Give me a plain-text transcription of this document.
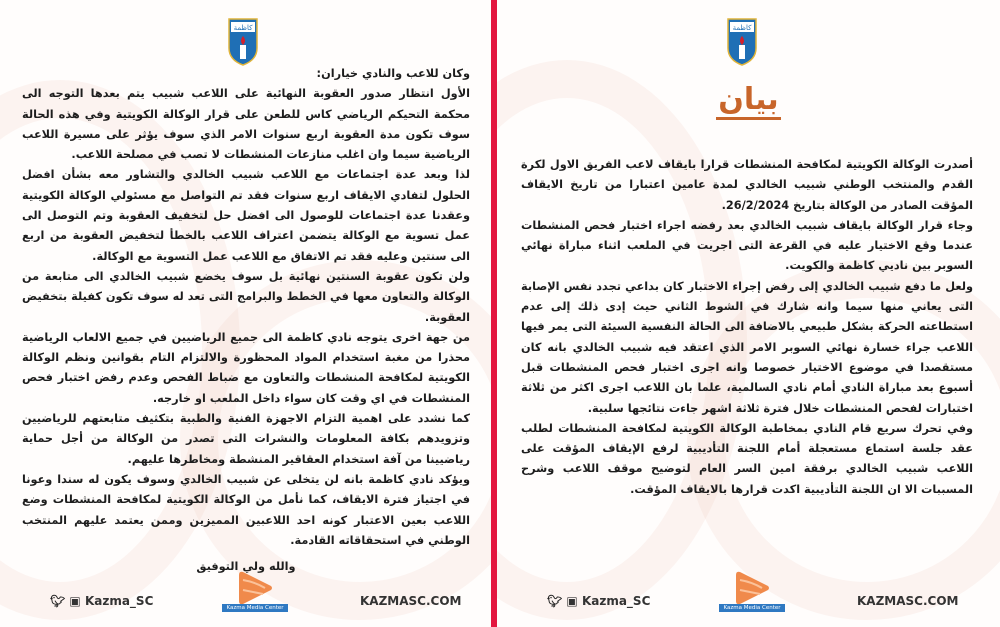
وكان للاعب والنادي خياران:

الأول انتظار صدور العقوبة النهائية على اللاعب شبيب يتم بعدها التوجه الى محكمة التحيكم الرياضي كاس للطعن على قرار الوكالة الكويتية وفي هذه الحالة سوف تكون مدة العقوبة اربع سنوات الامر الذي سوف يؤثر على مسيرة اللاعب الرياضية سيما وان اغلب منازعات المنشطات لا تصب في مصلحة اللاعب.

لذا وبعد عدة اجتماعات مع اللاعب شبيب الخالدي والتشاور معه بشأن افضل الحلول لتفادي الايقاف اربع سنوات فقد تم التواصل مع مسئولي الوكالة الكويتية وعقدنا عدة اجتماعات للوصول الى افضل حل لتخفيف العقوبة وتم التوصل الى عمل تسوية مع الوكالة يتضمن اعتراف اللاعب بالخطأ لتخفيض العقوبة من اربع الى سنتين وعليه فقد تم الاتفاق مع اللاعب عمل التسوية مع الوكالة.

ولن تكون عقوبة السنتين نهائية بل سوف يخضع شبيب الخالدي الى متابعة من الوكالة والتعاون معها في الخطط والبرامج التى تعد له سوف تكون كفيلة بتخفيض العقوبة.

من جهة اخرى يتوجه نادي كاظمة الى جميع الرياضيين في جميع الالعاب الرياضية محذرا من مغبة استخدام المواد المحظورة والالتزام التام بقوانين ونظم الوكالة الكويتية لمكافحة المنشطات والتعاون مع ضباط الفحص وعدم رفض اختبار فحص المنشطات في اي وقت كان سواء داخل الملعب او خارجه.

كما نشدد على اهمية التزام الاجهزة الفنية والطبية بتكثيف متابعتهم للرياضيين وتزويدهم بكافة المعلومات والنشرات التى تصدر من الوكالة من أجل حماية رياضيينا من آفة استخدام العقاقير المنشطة ومخاطرها عليهم.

ويؤكد نادي كاظمة بانه لن يتخلى عن شبيب الخالدي وسوف يكون له سندا وعونا في اجتياز فترة الايقاف، كما نأمل من الوكالة الكويتية لمكافحة المنشطات وضع اللاعب بعين الاعتبار كونه احد اللاعبين المميزين وممن يعتمد عليهم المنتخب الوطني في استحقاقاته القادمة.

والله ولي التوفيق

Kazma Media Center
🐦︎ ▣ Kazma_SC	KAZMASC.COM
بيان

أصدرت الوكالة الكويتية لمكافحة المنشطات قرارا بايقاف لاعب الفريق الاول لكرة القدم والمنتخب الوطني شبيب الخالدي لمدة عامين اعتبارا من تاريخ الايقاف المؤقت الصادر من الوكالة بتاريخ 26/2/2024.

وجاء قرار الوكالة بايقاف شبيب الخالدي بعد رفضه اجراء اختبار فحص المنشطات عندما وقع الاختيار عليه في القرعة التى اجريت في الملعب اثناء مباراة نهائي السوبر بين ناديي كاظمة والكويت.

ولعل ما دفع شبيب الخالدي إلى رفض إجراء الاختبار كان بداعي تجدد نفس الإصابة التى يعاني منها سيما وانه شارك في الشوط الثاني حيث إدى ذلك إلى عدم استطاعته الحركة بشكل طبيعي بالاضافة الى الحالة النفسية السيئة التى يمر فيها اللاعب جراء خسارة نهائي السوبر الامر الذي اعتقد فيه شبيب الخالدي بانه كان مستقصدا في موضوع الاختيار خصوصا وانه اجرى اختبار فحص المنشطات قبل أسبوع بعد مباراة النادي أمام نادي السالمية، علما بان اللاعب اجرى اكثر من ثلاثة اختبارات لفحص المنشطات خلال فترة ثلاثة اشهر جاءت نتائجها سلبية.

وفي تحرك سريع قام النادي بمخاطبة الوكالة الكويتية لمكافحة المنشطات لطلب عقد جلسة استماع مستعجلة أمام اللجنة التأديبية لرفع الإيقاف المؤقت على اللاعب شبيب الخالدي برفقة امين السر العام لتوضيح موقف اللاعب وشرح المسببات الا ان اللجنة التأديبية اكدت قرارها بالايقاف المؤقت.

Kazma Media Center
🐦︎ ▣ Kazma_SC	KAZMASC.COM
